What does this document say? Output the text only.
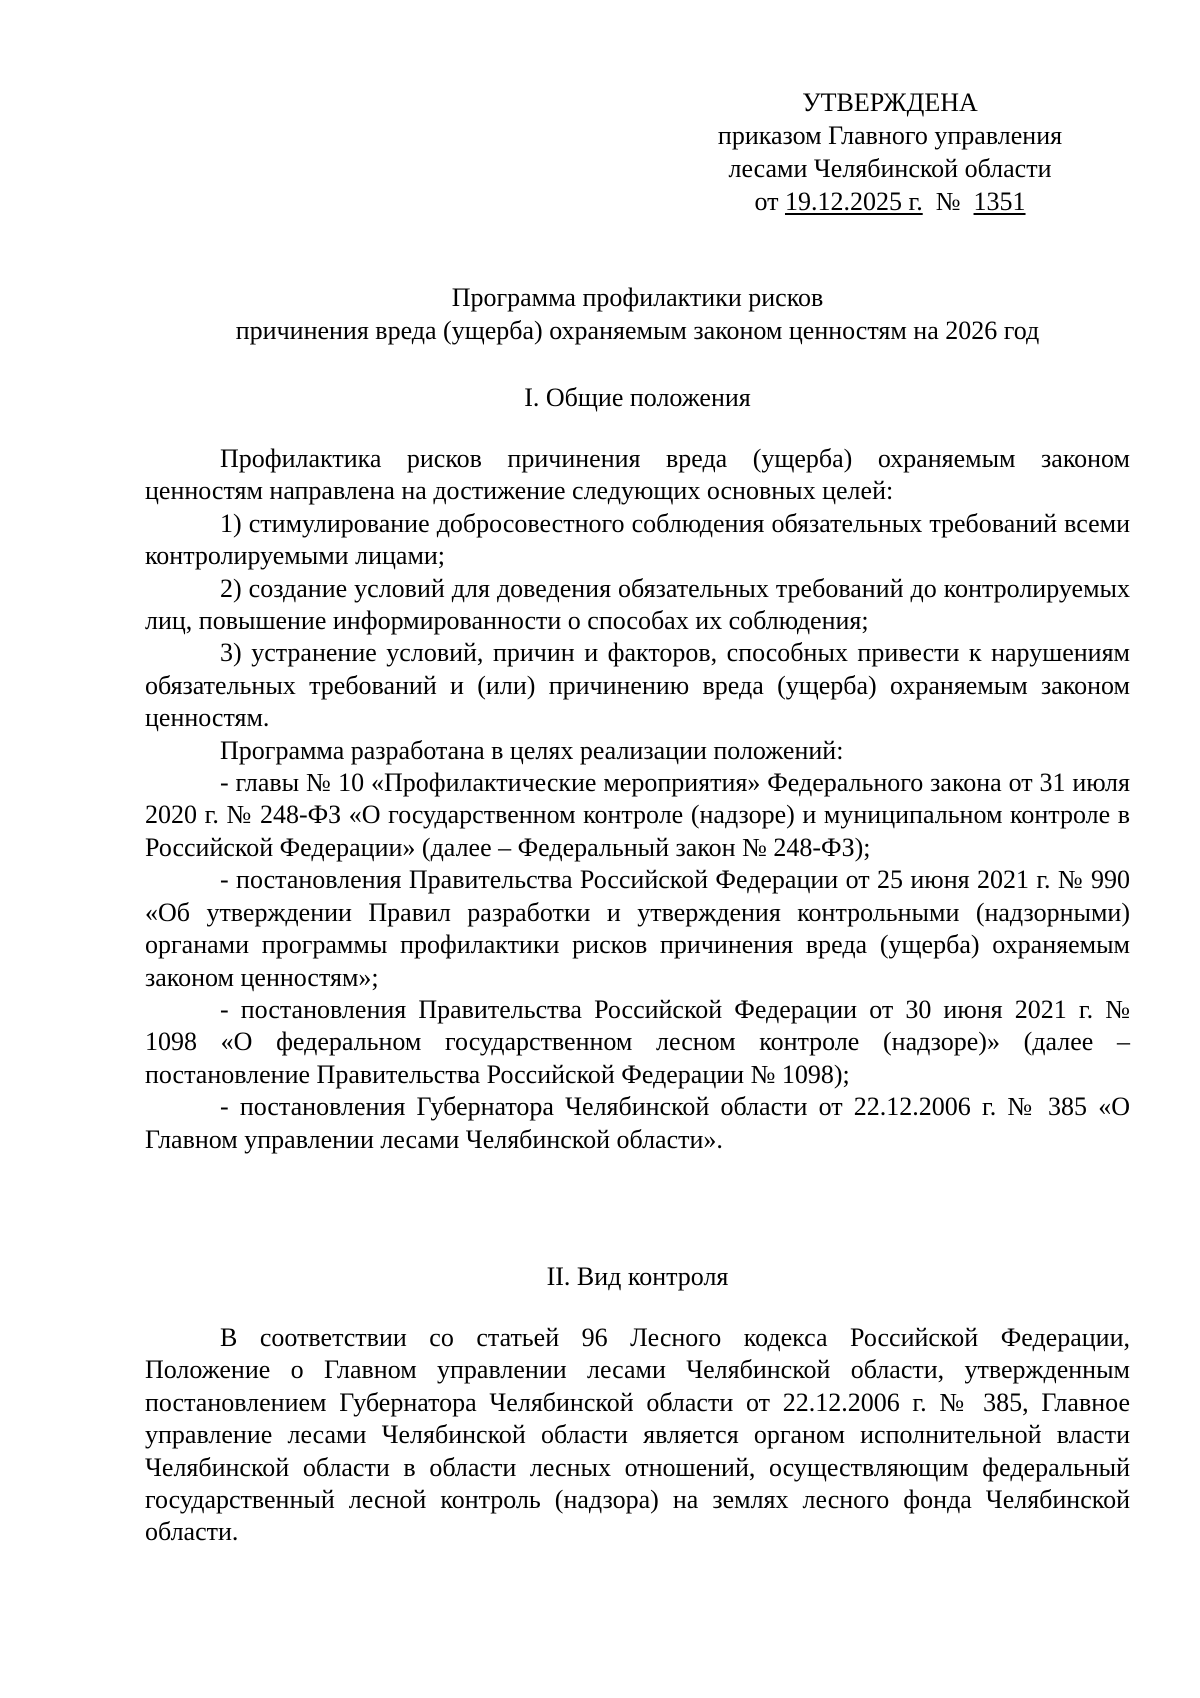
УТВЕРЖДЕНА
приказом Главного управления
лесами Челябинской области
от 19.12.2025 г. № 1351
Программа профилактики рисков
причинения вреда (ущерба) охраняемым законом ценностям на 2026 год
I. Общие положения

Профилактика рисков причинения вреда (ущерба) охраняемым законом ценностям направлена на достижение следующих основных целей:

1) стимулирование добросовестного соблюдения обязательных требований всеми контролируемыми лицами;

2) создание условий для доведения обязательных требований до контролируемых лиц, повышение информированности о способах их соблюдения;

3) устранение условий, причин и факторов, способных привести к нарушениям обязательных требований и (или) причинению вреда (ущерба) охраняемым законом ценностям.

Программа разработана в целях реализации положений:

- главы № 10 «Профилактические мероприятия» Федерального закона от 31 июля 2020 г. № 248-ФЗ «О государственном контроле (надзоре) и муниципальном контроле в Российской Федерации» (далее – Федеральный закон № 248-ФЗ);

- постановления Правительства Российской Федерации от 25 июня 2021 г. № 990 «Об утверждении Правил разработки и утверждения контрольными (надзорными) органами программы профилактики рисков причинения вреда (ущерба) охраняемым законом ценностям»;

- постановления Правительства Российской Федерации от 30 июня 2021 г. № 1098 «О федеральном государственном лесном контроле (надзоре)» (далее – постановление Правительства Российской Федерации № 1098);

- постановления Губернатора Челябинской области от 22.12.2006 г. № 385 «О Главном управлении лесами Челябинской области».

II. Вид контроля

В соответствии со статьей 96 Лесного кодекса Российской Федерации, Положение о Главном управлении лесами Челябинской области, утвержденным постановлением Губернатора Челябинской области от 22.12.2006 г. № 385, Главное управление лесами Челябинской области является органом исполнительной власти Челябинской области в области лесных отношений, осуществляющим федеральный государственный лесной контроль (надзора) на землях лесного фонда Челябинской области.
